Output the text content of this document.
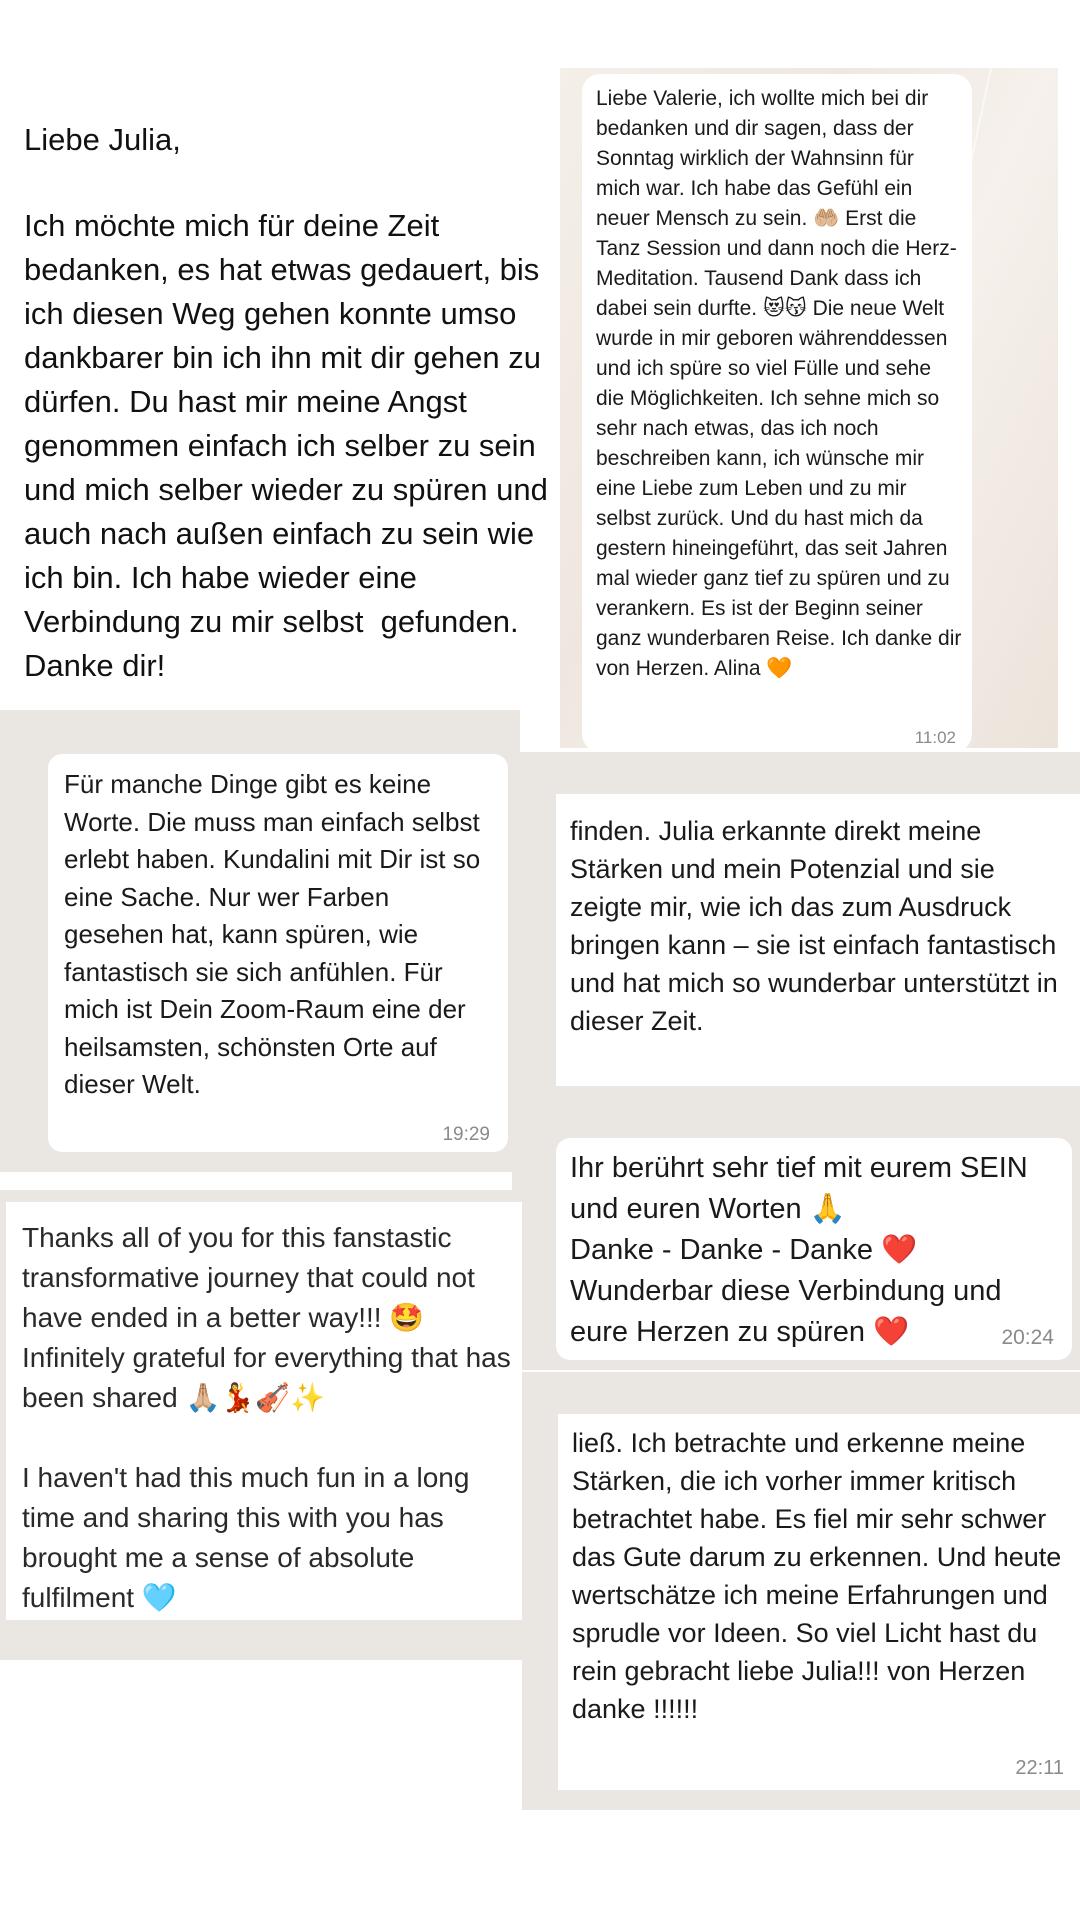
Liebe Julia,

Ich möchte mich für deine Zeit bedanken, es hat etwas gedauert, bis ich diesen Weg gehen konnte umso dankbarer bin ich ihn mit dir gehen zu dürfen. Du hast mir meine Angst genommen einfach ich selber zu sein und mich selber wieder zu spüren und auch nach außen einfach zu sein wie ich bin. Ich habe wieder eine Verbindung zu mir selbst  gefunden. Danke dir!

Liebe Valerie, ich wollte mich bei dir bedanken und dir sagen, dass der Sonntag wirklich der Wahnsinn für mich war. Ich habe das Gefühl ein neuer Mensch zu sein. 🤲🏼 Erst die Tanz Session und dann noch die Herz-Meditation. Tausend Dank dass ich dabei sein durfte. 😻😽 Die neue Welt wurde in mir geboren währenddessen und ich spüre so viel Fülle und sehe die Möglichkeiten. Ich sehne mich so sehr nach etwas, das ich noch beschreiben kann, ich wünsche mir eine Liebe zum Leben und zu mir selbst zurück. Und du hast mich da gestern hineingeführt, das seit Jahren mal wieder ganz tief zu spüren und zu verankern. Es ist der Beginn seiner ganz wunderbaren Reise. Ich danke dir von Herzen. Alina 🧡

11:02

Für manche Dinge gibt es keine Worte. Die muss man einfach selbst erlebt haben. Kundalini mit Dir ist so eine Sache. Nur wer Farben gesehen hat, kann spüren, wie fantastisch sie sich anfühlen. Für mich ist Dein Zoom-Raum eine der heilsamsten, schönsten Orte auf dieser Welt.

19:29

finden. Julia erkannte direkt meine Stärken und mein Potenzial und sie zeigte mir, wie ich das zum Ausdruck bringen kann – sie ist einfach fantastisch und hat mich so wunderbar unterstützt in dieser Zeit.

Ihr berührt sehr tief mit eurem SEIN und euren Worten 🙏
Danke - Danke - Danke ❤️
Wunderbar diese Verbindung und eure Herzen zu spüren ❤️	20:24

Thanks all of you for this fanstastic transformative journey that could not have ended in a better way!!! 🤩Infinitely grateful for everything that has been shared 🙏🏼💃🎻✨

I haven't had this much fun in a long time and sharing this with you has brought me a sense of absolute fulfilment 🩵

ließ. Ich betrachte und erkenne meine Stärken, die ich vorher immer kritisch betrachtet habe. Es fiel mir sehr schwer das Gute darum zu erkennen. Und heute wertschätze ich meine Erfahrungen und sprudle vor Ideen. So viel Licht hast du rein gebracht liebe Julia!!! von Herzen danke !!!!!!

22:11
